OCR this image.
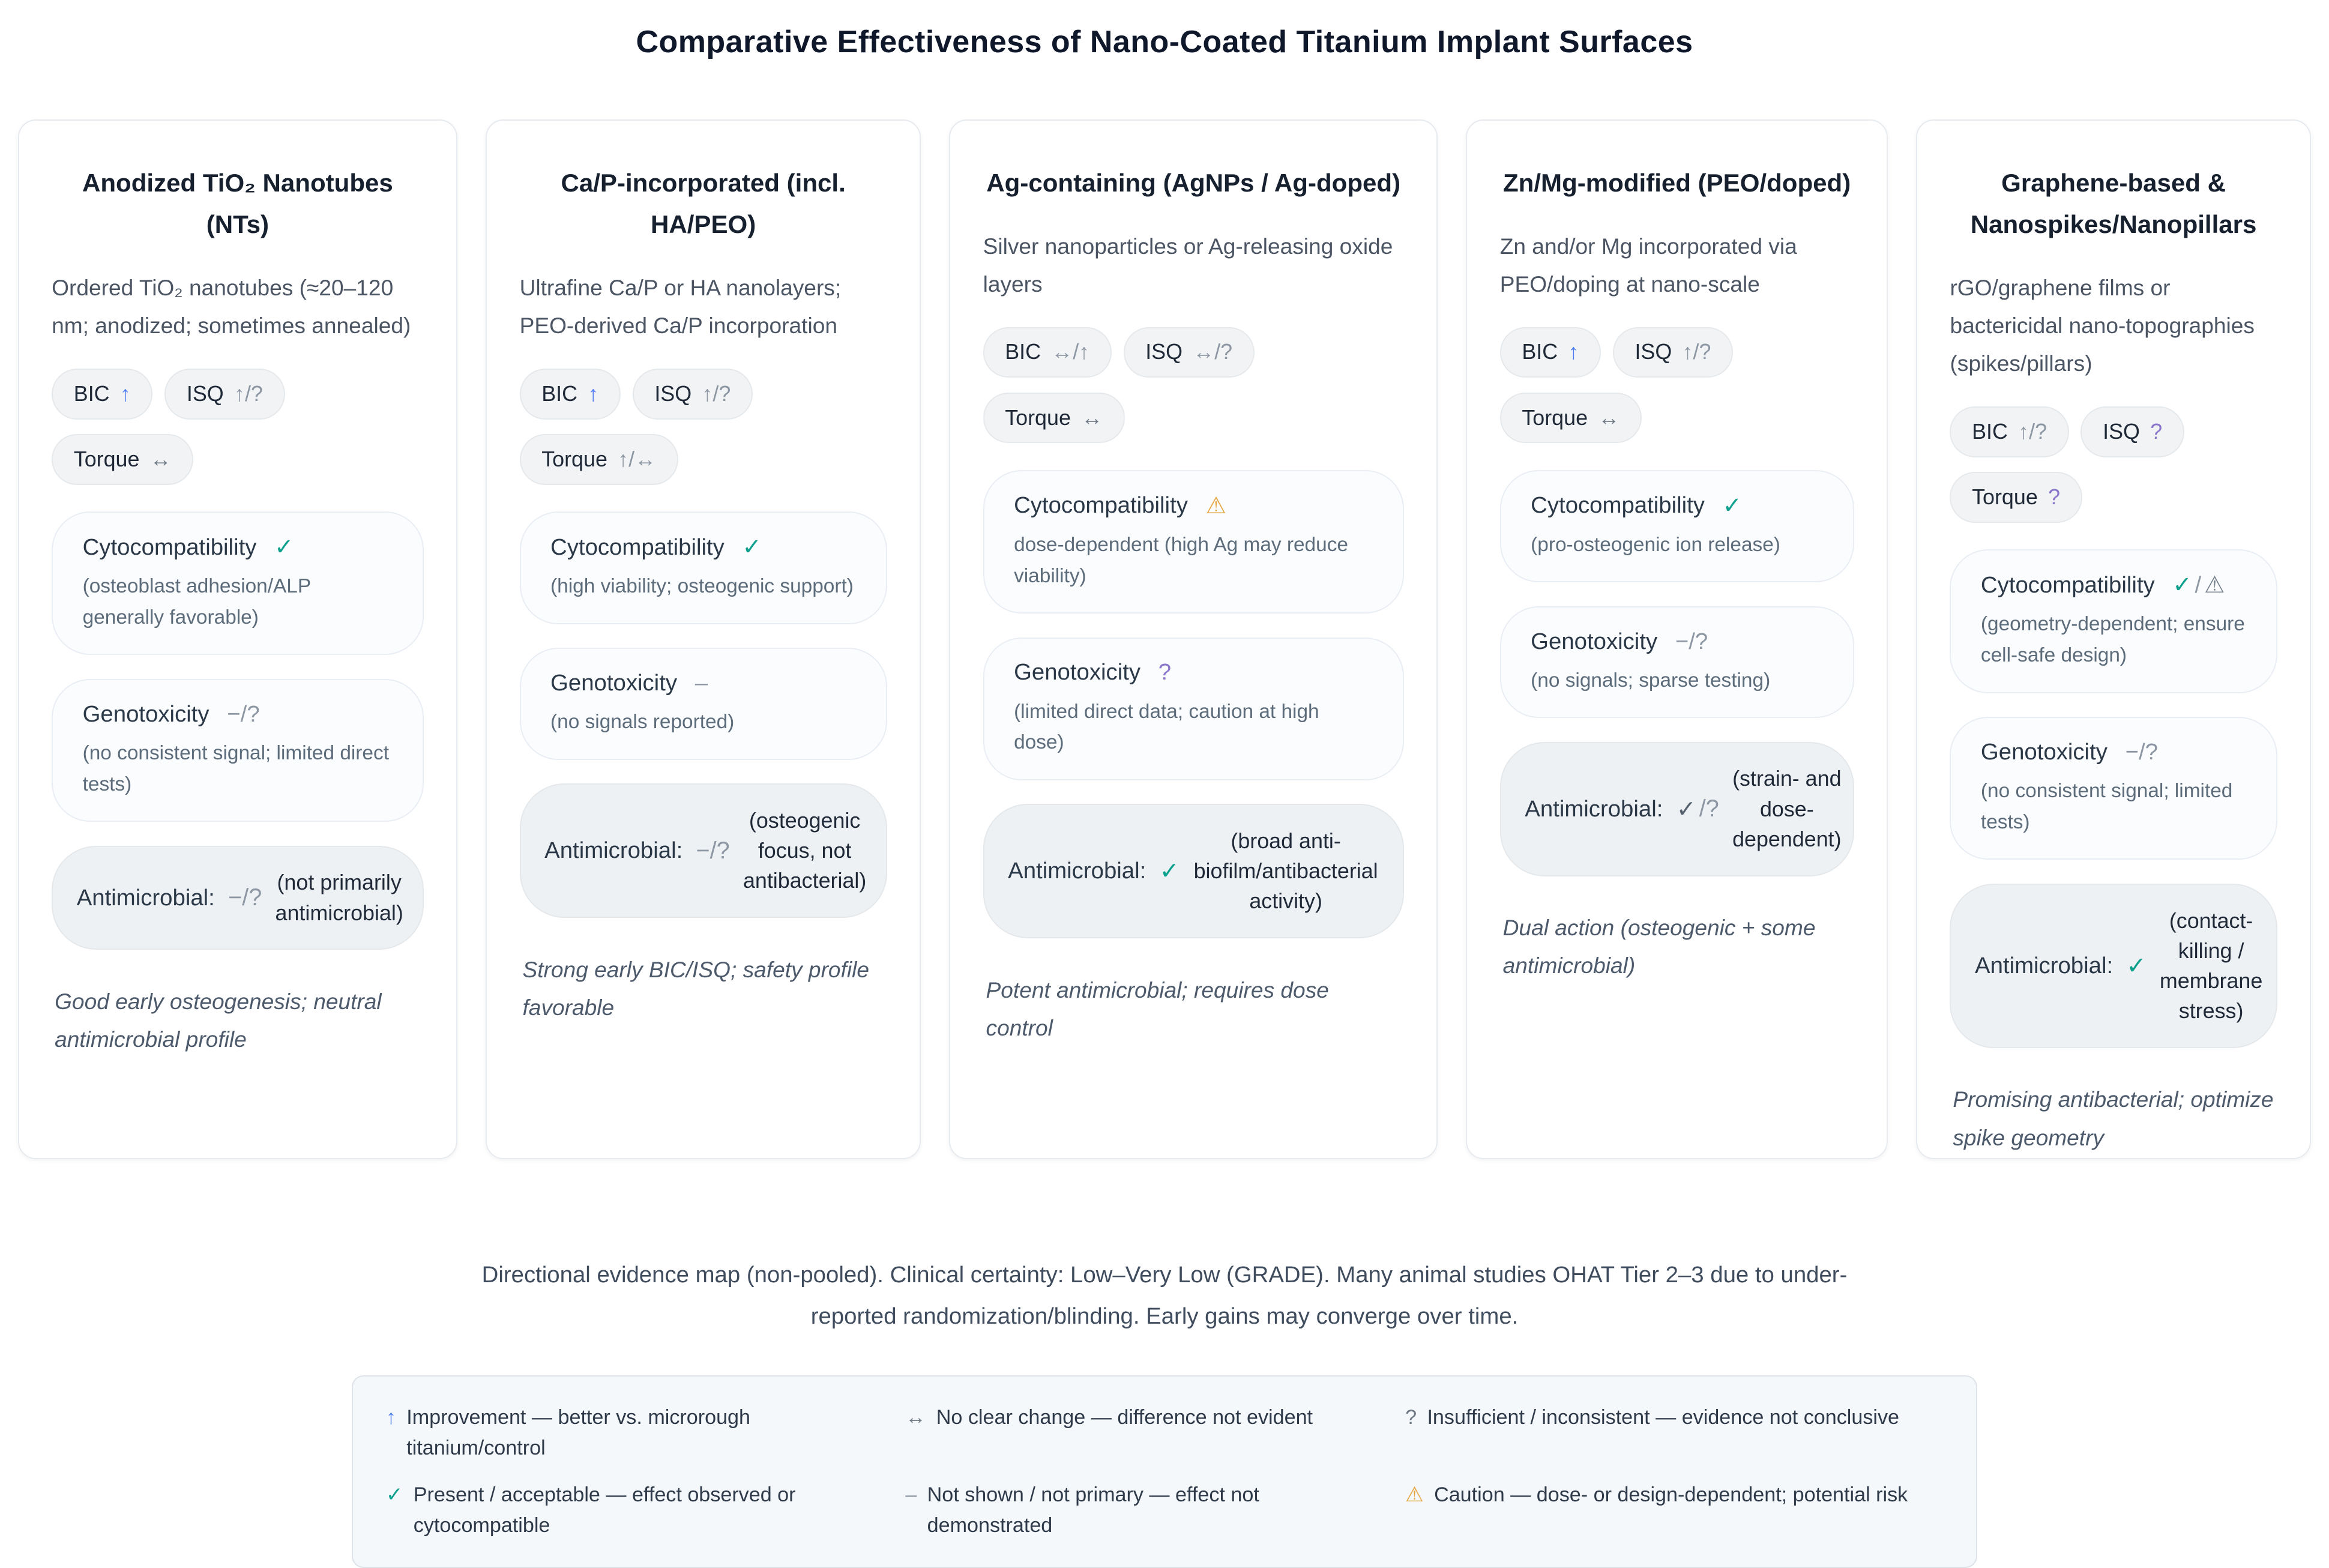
Comparative Effectiveness of Nano-Coated Titanium Implant Surfaces
Anodized TiO₂ Nanotubes (NTs)

Ordered TiO₂ nanotubes (≈20–120 nm; anodized; sometimes annealed)

BIC ↑	ISQ ↑/?
Torque ↔
Cytocompatibility ✓
(osteoblast adhesion/ALP generally favorable)
Genotoxicity −/?
(no consistent signal; limited direct tests)
Antimicrobial: −/?
(not primarily antimicrobial)

Good early osteogenesis; neutral antimicrobial profile

Ca/P-incorporated (incl. HA/PEO)

Ultrafine Ca/P or HA nanolayers; PEO-derived Ca/P incorporation

BIC ↑	ISQ ↑/?
Torque ↑/↔
Cytocompatibility ✓
(high viability; osteogenic support)
Genotoxicity –
(no signals reported)
Antimicrobial: −/?
(osteogenic focus, not antibacterial)

Strong early BIC/ISQ; safety profile favorable

Ag-containing (AgNPs / Ag-doped)

Silver nanoparticles or Ag-releasing oxide layers

BIC ↔/↑	ISQ ↔/?
Torque ↔
Cytocompatibility ⚠
dose-dependent (high Ag may reduce viability)
Genotoxicity ?
(limited direct data; caution at high dose)
Antimicrobial: ✓
(broad anti-biofilm/antibacterial activity)

Potent antimicrobial; requires dose control

Zn/Mg-modified (PEO/doped)

Zn and/or Mg incorporated via PEO/doping at nano-scale

BIC ↑	ISQ ↑/?
Torque ↔
Cytocompatibility ✓
(pro-osteogenic ion release)
Genotoxicity −/?
(no signals; sparse testing)
Antimicrobial: ✓ /?
(strain- and dose-dependent)

Dual action (osteogenic + some antimicrobial)

Graphene-based & Nanospikes/Nanopillars

rGO/graphene films or bactericidal nano-topographies (spikes/pillars)

BIC ↑/?	ISQ ?
Torque ?
Cytocompatibility ✓ / ⚠
(geometry-dependent; ensure cell-safe design)
Genotoxicity −/?
(no consistent signal; limited tests)
Antimicrobial: ✓
(contact-killing / membrane stress)

Promising antibacterial; optimize spike geometry

Directional evidence map (non-pooled). Clinical certainty: Low–Very Low (GRADE). Many animal studies OHAT Tier 2–3 due to under-reported randomization/blinding. Early gains may converge over time.

↑ Improvement — better vs. microrough titanium/control
↔ No clear change — difference not evident	? Insufficient / inconsistent — evidence not conclusive
✓ Present / acceptable — effect observed or cytocompatible
– Not shown / not primary — effect not demonstrated
⚠ Caution — dose- or design-dependent; potential risk
